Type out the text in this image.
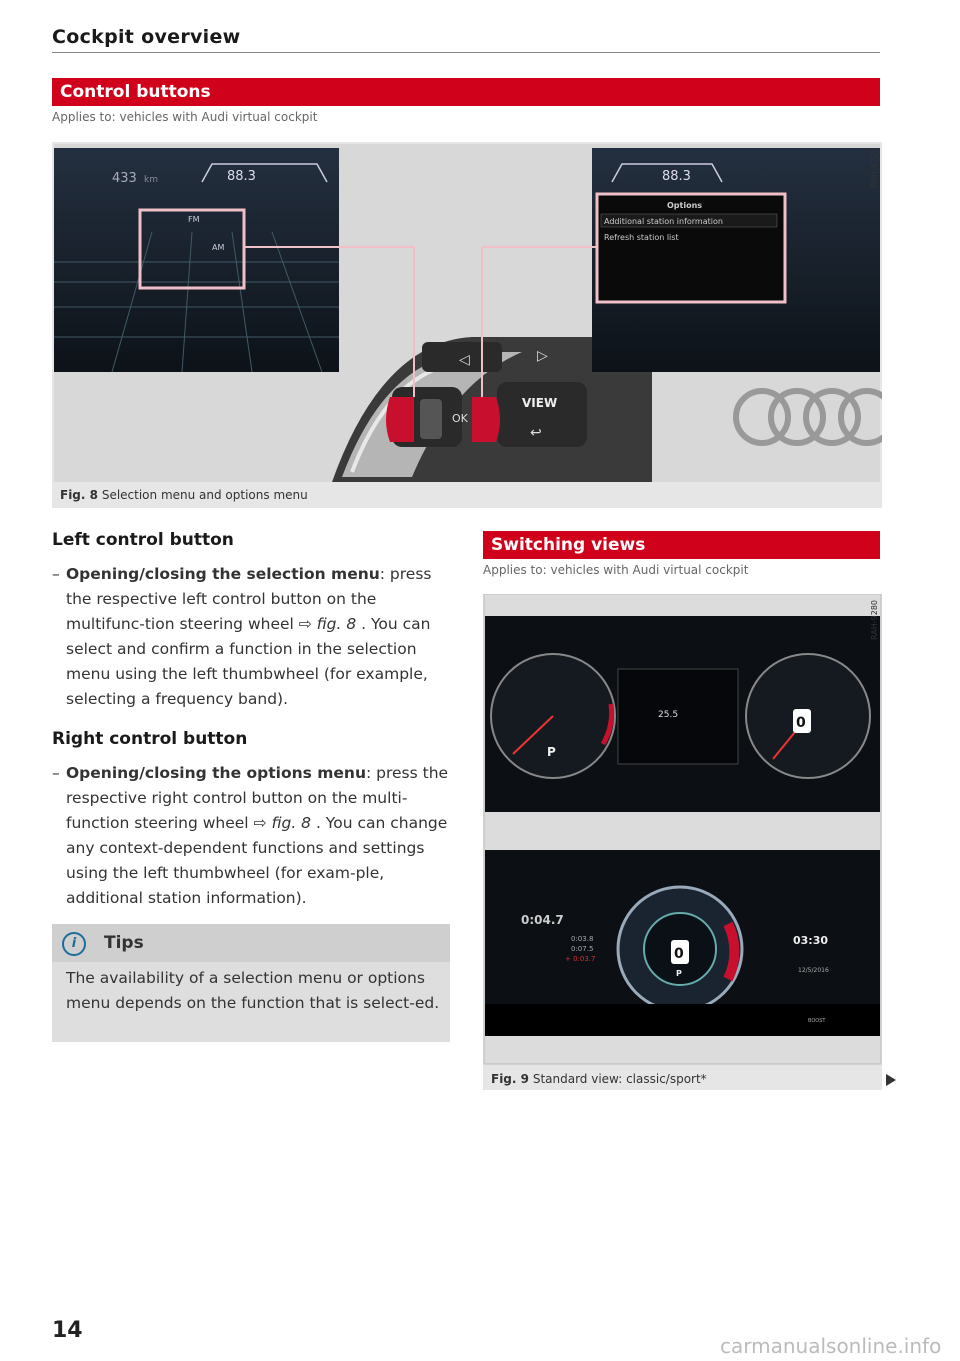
Cockpit overview
Control buttons
Applies to: vehicles with Audi virtual cockpit
◁	▷
OK
VIEW
↩
433 km	88.3
FM
AM
88.3
Options
Additional station information
Refresh station list
RAH-8723
Fig. 8 Selection menu and options menu
Left control button
– Opening/closing the selection menu: press the respective left control button on the multifunc-tion steering wheel ⇨ fig. 8 . You can select and confirm a function in the selection menu using the left thumbwheel (for example, selecting a frequency band).
Right control button
– Opening/closing the options menu: press the respective right control button on the multi-function steering wheel ⇨ fig. 8 . You can change any context-dependent functions and settings using the left thumbwheel (for exam-ple, additional station information).
i	Tips
The availability of a selection menu or options menu depends on the function that is select-ed.
Switching views
Applies to: vehicles with Audi virtual cockpit
25.5
P
0
0:04.7
0:03.8
0:07.5
+ 0:03.7	0
P
03:30
12/5/2016
BOOST
RAH-9280
Fig. 9 Standard view: classic/sport*
14
carmanualsonline.info
